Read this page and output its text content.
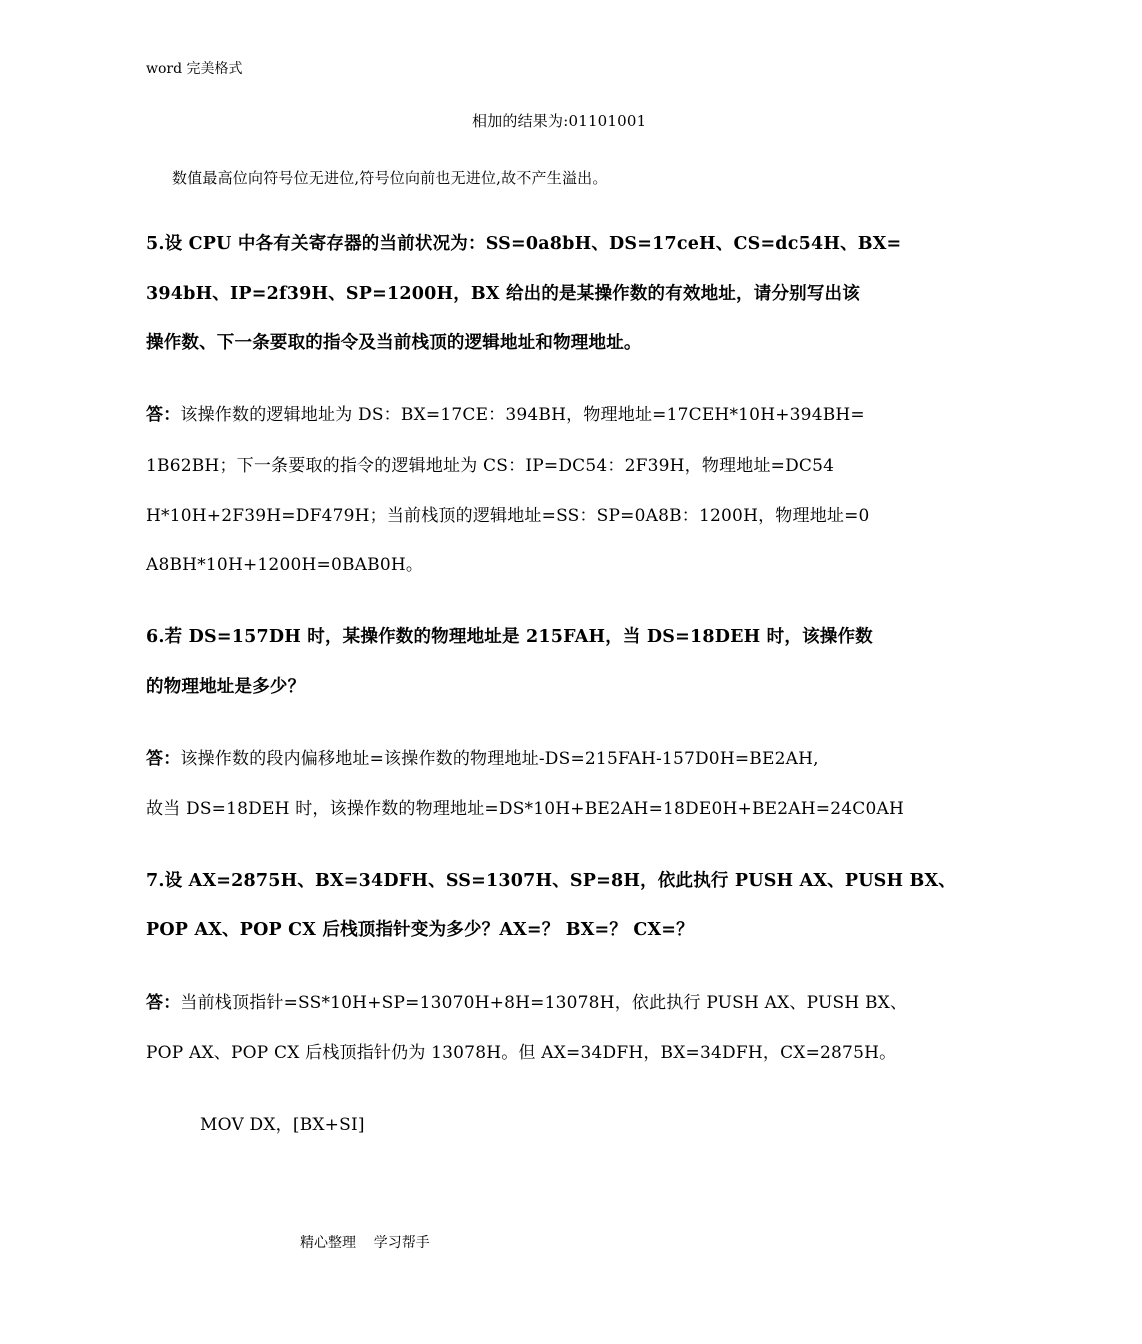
word 完美格式
相加的结果为:01101001
数值最高位向符号位无进位,符号位向前也无进位,故不产生溢出。
5.设 CPU 中各有关寄存器的当前状况为：SS=0a8bH、DS=17ceH、CS=dc54H、BX=
394bH、IP=2f39H、SP=1200H，BX 给出的是某操作数的有效地址，请分别写出该
操作数、下一条要取的指令及当前栈顶的逻辑地址和物理地址。
答：该操作数的逻辑地址为 DS：BX=17CE：394BH，物理地址=17CEH*10H+394BH=
1B62BH；下一条要取的指令的逻辑地址为 CS：IP=DC54：2F39H，物理地址=DC54
H*10H+2F39H=DF479H；当前栈顶的逻辑地址=SS：SP=0A8B：1200H，物理地址=0
A8BH*10H+1200H=0BAB0H。
6.若 DS=157DH 时，某操作数的物理地址是 215FAH，当 DS=18DEH 时，该操作数
的物理地址是多少？
答：该操作数的段内偏移地址=该操作数的物理地址-DS=215FAH-157D0H=BE2AH,
故当 DS=18DEH 时，该操作数的物理地址=DS*10H+BE2AH=18DE0H+BE2AH=24C0AH
7.设 AX=2875H、BX=34DFH、SS=1307H、SP=8H，依此执行 PUSH AX、PUSH BX、
POP AX、POP CX 后栈顶指针变为多少？AX=？ BX=？ CX=？
答：当前栈顶指针=SS*10H+SP=13070H+8H=13078H，依此执行 PUSH AX、PUSH BX、
POP AX、POP CX 后栈顶指针仍为 13078H。但 AX=34DFH，BX=34DFH，CX=2875H。
MOV DX，[BX+SI]
精心整理    学习帮手
